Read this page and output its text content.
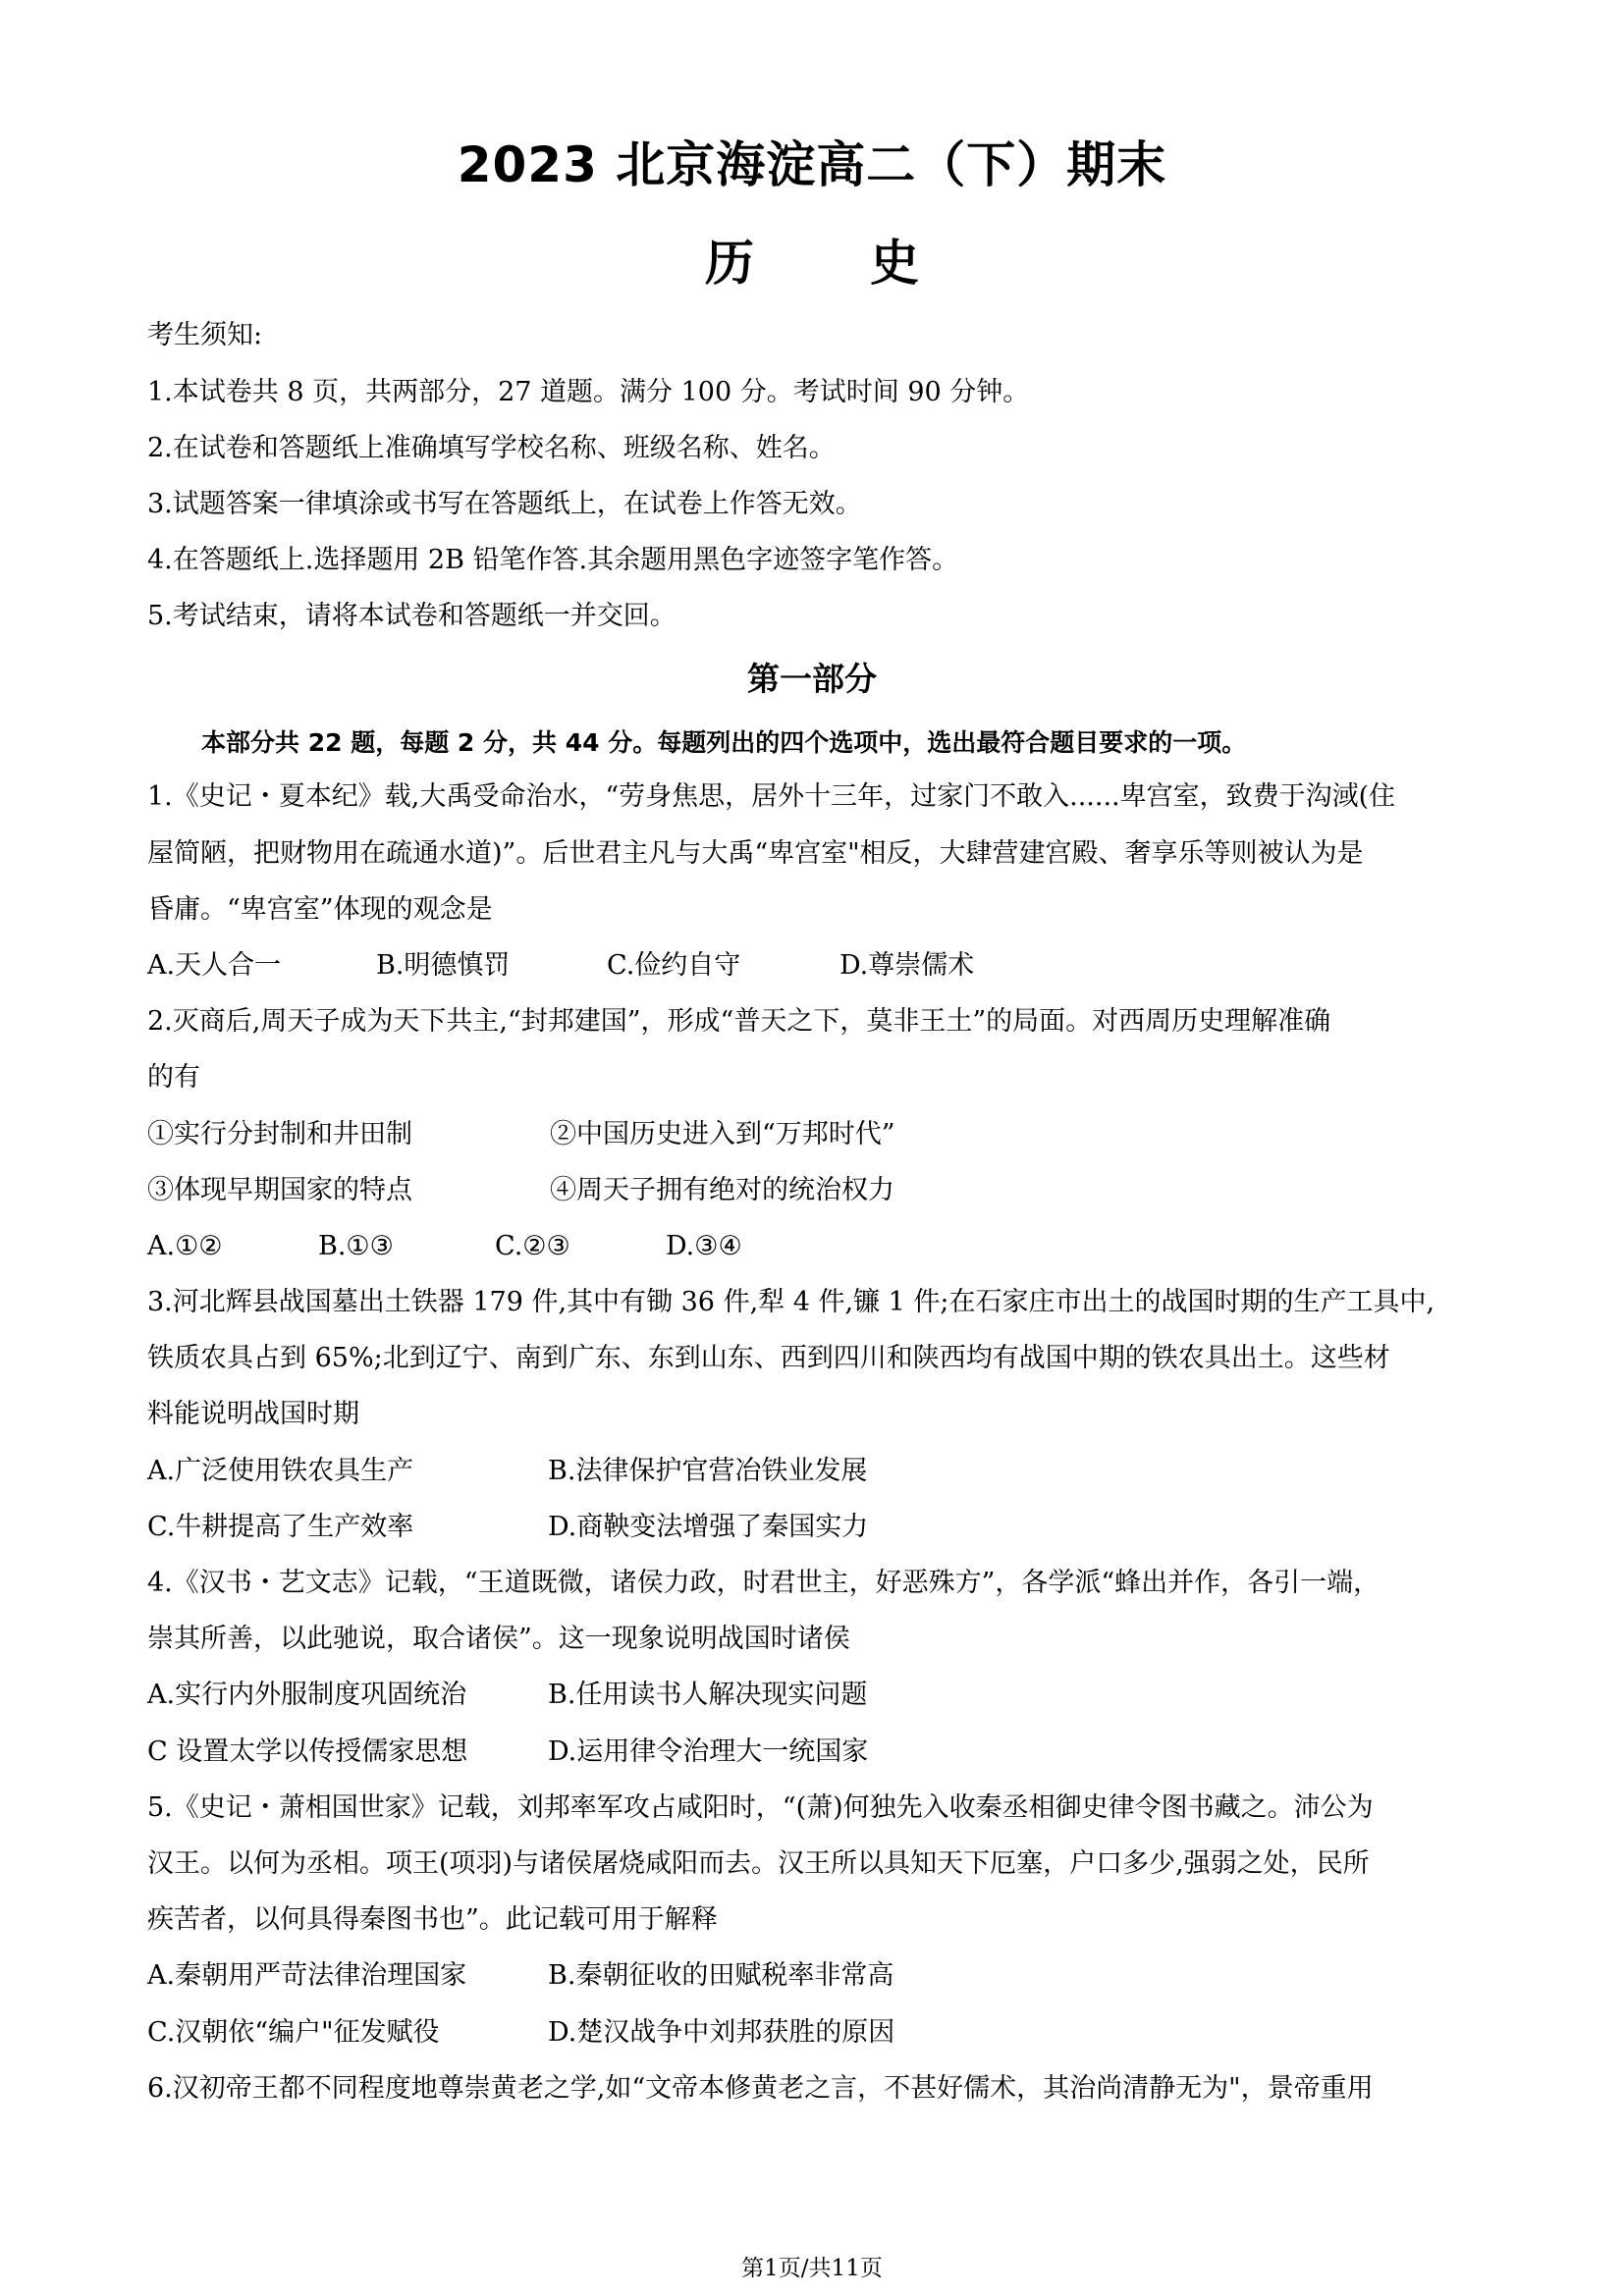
2023 北京海淀高二（下）期末
历史
考生须知:
1.本试卷共 8 页，共两部分，27 道题。满分 100 分。考试时间 90 分钟。
2.在试卷和答题纸上准确填写学校名称、班级名称、姓名。
3.试题答案一律填涂或书写在答题纸上，在试卷上作答无效。
4.在答题纸上.选择题用 2B 铅笔作答.其余题用黑色字迹签字笔作答。
5.考试结束，请将本试卷和答题纸一并交回。
第一部分
本部分共 22 题，每题 2 分，共 44 分。每题列出的四个选项中，选出最符合题目要求的一项。
1.《史记・夏本纪》载,大禹受命治水，“劳身焦思，居外十三年，过家门不敢入......卑宫室，致费于沟淢(住
屋简陋，把财物用在疏通水道)”。后世君主凡与大禹“卑宫室"相反，大肆营建宫殿、奢享乐等则被认为是
昏庸。“卑宫室”体现的观念是
A.天人合一	B.明德慎罚	C.俭约自守	D.尊崇儒术
2.灭商后,周天子成为天下共主,“封邦建国”，形成“普天之下，莫非王土”的局面。对西周历史理解准确
的有
①实行分封制和井田制	②中国历史进入到“万邦时代”
③体现早期国家的特点	④周天子拥有绝对的统治权力
A.①②	B.①③	C.②③	D.③④
3.河北辉县战国墓出土铁器 179 件,其中有锄 36 件,犁 4 件,镰 1 件;在石家庄市出土的战国时期的生产工具中,
铁质农具占到 65%;北到辽宁、南到广东、东到山东、西到四川和陕西均有战国中期的铁农具出土。这些材
料能说明战国时期
A.广泛使用铁农具生产	B.法律保护官营冶铁业发展
C.牛耕提高了生产效率	D.商鞅变法增强了秦国实力
4.《汉书・艺文志》记载，“王道既微，诸侯力政，时君世主，好恶殊方”，各学派“蜂出并作，各引一端，
崇其所善，以此驰说，取合诸侯”。这一现象说明战国时诸侯
A.实行内外服制度巩固统治	B.任用读书人解决现实问题
C 设置太学以传授儒家思想	D.运用律令治理大一统国家
5.《史记・萧相国世家》记载，刘邦率军攻占咸阳时，“(萧)何独先入收秦丞相御史律令图书藏之。沛公为
汉王。以何为丞相。项王(项羽)与诸侯屠烧咸阳而去。汉王所以具知天下厄塞，户口多少,强弱之处，民所
疾苦者，以何具得秦图书也”。此记载可用于解释
A.秦朝用严苛法律治理国家	B.秦朝征收的田赋税率非常高
C.汉朝依“编户"征发赋役	D.楚汉战争中刘邦获胜的原因
6.汉初帝王都不同程度地尊崇黄老之学,如“文帝本修黄老之言，不甚好儒术，其治尚清静无为"，景帝重用
第1页/共11页
